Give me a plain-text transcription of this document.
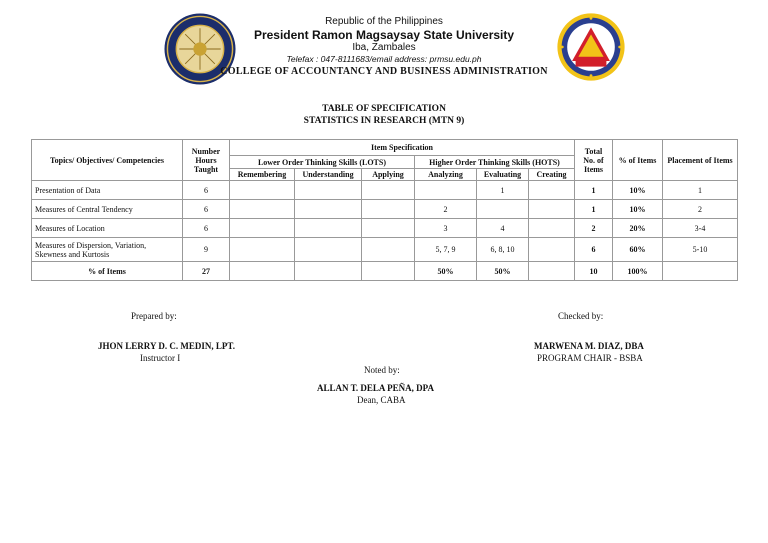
Republic of the Philippines
President Ramon Magsaysay State University
Iba, Zambales
Telefax : 047-8111683/email address: prmsu.edu.ph
COLLEGE OF ACCOUNTANCY AND BUSINESS ADMINISTRATION
TABLE OF SPECIFICATION
STATISTICS IN RESEARCH (MTN 9)
Topics/ Objectives/ Competencies	Number Hours Taught	Item Specification						Total No. of Items	% of Items	Placement of Items
		Lower Order Thinking Skills (LOTS)			Higher Order Thinking Skills (HOTS)					
		Remembering	Understanding	Applying	Analyzing	Evaluating	Creating			
Presentation of Data	6					1		1	10%	1
Measures of Central Tendency	6				2			1	10%	2
Measures of Location	6				3	4		2	20%	3-4
Measures of Dispersion, Variation, Skewness and Kurtosis	9				5, 7, 9	6, 8, 10		6	60%	5-10
% of Items	27				50%	50%		10	100%	
Prepared by:
JHON LERRY D. C. MEDIN, LPT.
Instructor I
Checked by:
MARWENA M. DIAZ, DBA
PROGRAM CHAIR - BSBA
Noted by:
ALLAN T. DELA PEÑA, DPA
Dean, CABA
